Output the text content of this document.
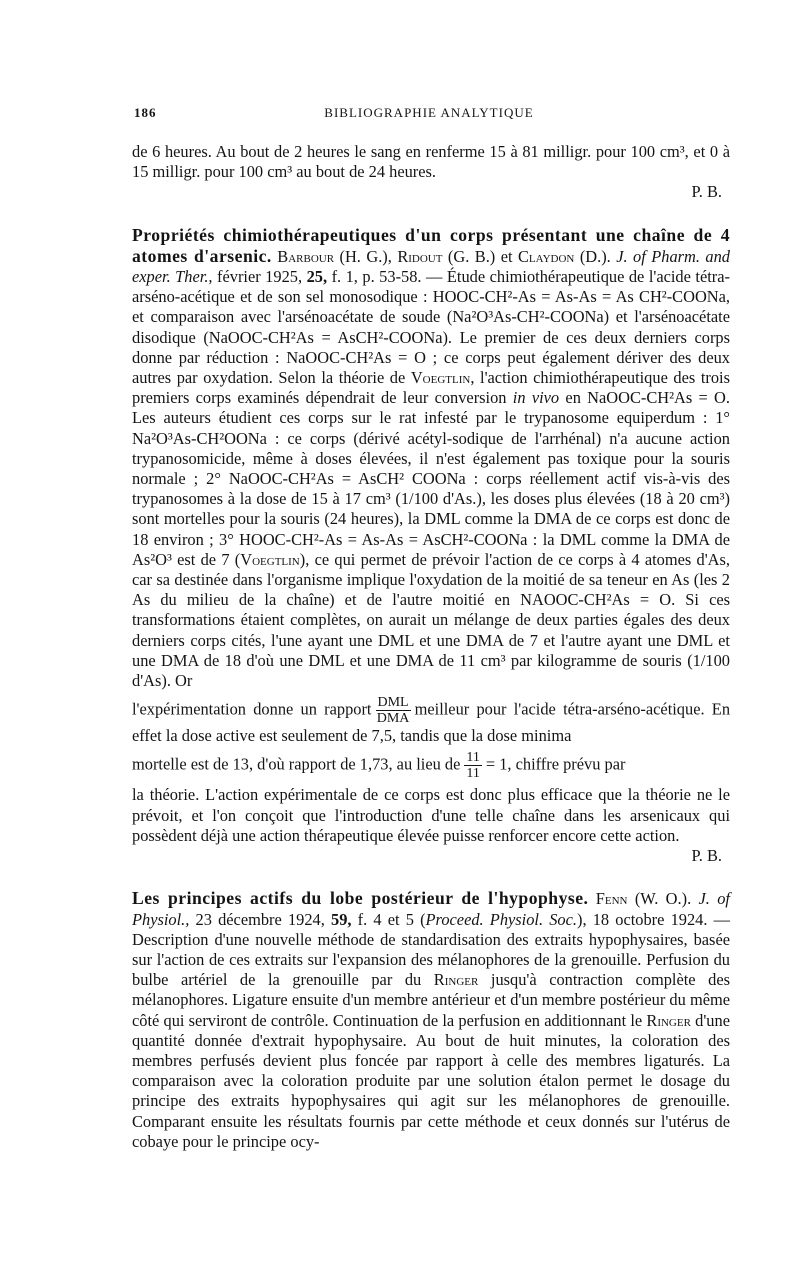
186	BIBLIOGRAPHIE ANALYTIQUE

de 6 heures. Au bout de 2 heures le sang en renferme 15 à 81 milligr. pour 100 cm³, et 0 à 15 milligr. pour 100 cm³ au bout de 24 heures.

P. B.

Propriétés chimiothérapeutiques d'un corps présentant une chaîne de 4 atomes d'arsenic. Barbour (H. G.), Ridout (G. B.) et Claydon (D.). J. of Pharm. and exper. Ther., février 1925, 25, f. 1, p. 53-58. — Étude chimiothérapeutique de l'acide tétra-arséno-acétique et de son sel monosodique : HOOC-CH²-As = As-As = As CH²-COONa, et comparaison avec l'arsénoacétate de soude (Na²O³As-CH²-COONa) et l'arsénoacétate disodique (NaOOC-CH²As = AsCH²-COONa). Le premier de ces deux derniers corps donne par réduction : NaOOC-CH²As = O ; ce corps peut également dériver des deux autres par oxydation. Selon la théorie de Voegtlin, l'action chimiothérapeutique des trois premiers corps examinés dépendrait de leur conversion in vivo en NaOOC-CH²As = O. Les auteurs étudient ces corps sur le rat infesté par le trypanosome equiperdum : 1° Na²O³As-CH²OONa : ce corps (dérivé acétyl-sodique de l'arrhénal) n'a aucune action trypanosomicide, même à doses élevées, il n'est également pas toxique pour la souris normale ; 2° NaOOC-CH²As = AsCH² COONa : corps réellement actif vis-à-vis des trypanosomes à la dose de 15 à 17 cm³ (1/100 d'As.), les doses plus élevées (18 à 20 cm³) sont mortelles pour la souris (24 heures), la DML comme la DMA de ce corps est donc de 18 environ ; 3° HOOC-CH²-As = As-As = AsCH²-COONa : la DML comme la DMA de As²O³ est de 7 (Voegtlin), ce qui permet de prévoir l'action de ce corps à 4 atomes d'As, car sa destinée dans l'organisme implique l'oxydation de la moitié de sa teneur en As (les 2 As du milieu de la chaîne) et de l'autre moitié en NAOOC-CH²As = O. Si ces transformations étaient complètes, on aurait un mélange de deux parties égales des deux derniers corps cités, l'une ayant une DML et une DMA de 7 et l'autre ayant une DML et une DMA de 18 d'où une DML et une DMA de 11 cm³ par kilogramme de souris (1/100 d'As). Or

l'expérimentation donne un rapport $\frac{\text{DML}}{\text{DMA}}$ meilleur pour l'acide tétra-arséno-acétique. En effet la dose active est seulement de 7,5, tandis que la dose minima

mortelle est de 13, d'où rapport de 1,73, au lieu de $\frac{11}{11} = 1$, chiffre prévu par

la théorie. L'action expérimentale de ce corps est donc plus efficace que la théorie ne le prévoit, et l'on conçoit que l'introduction d'une telle chaîne dans les arsenicaux qui possèdent déjà une action thérapeutique élevée puisse renforcer encore cette action.

P. B.

Les principes actifs du lobe postérieur de l'hypophyse. Fenn (W. O.). J. of Physiol., 23 décembre 1924, 59, f. 4 et 5 (Proceed. Physiol. Soc.), 18 octobre 1924. — Description d'une nouvelle méthode de standardisation des extraits hypophysaires, basée sur l'action de ces extraits sur l'expansion des mélanophores de la grenouille. Perfusion du bulbe artériel de la grenouille par du Ringer jusqu'à contraction complète des mélanophores. Ligature ensuite d'un membre antérieur et d'un membre postérieur du même côté qui serviront de contrôle. Continuation de la perfusion en additionnant le Ringer d'une quantité donnée d'extrait hypophysaire. Au bout de huit minutes, la coloration des membres perfusés devient plus foncée par rapport à celle des membres ligaturés. La comparaison avec la coloration produite par une solution étalon permet le dosage du principe des extraits hypophysaires qui agit sur les mélanophores de grenouille. Comparant ensuite les résultats fournis par cette méthode et ceux donnés sur l'utérus de cobaye pour le principe ocy-
